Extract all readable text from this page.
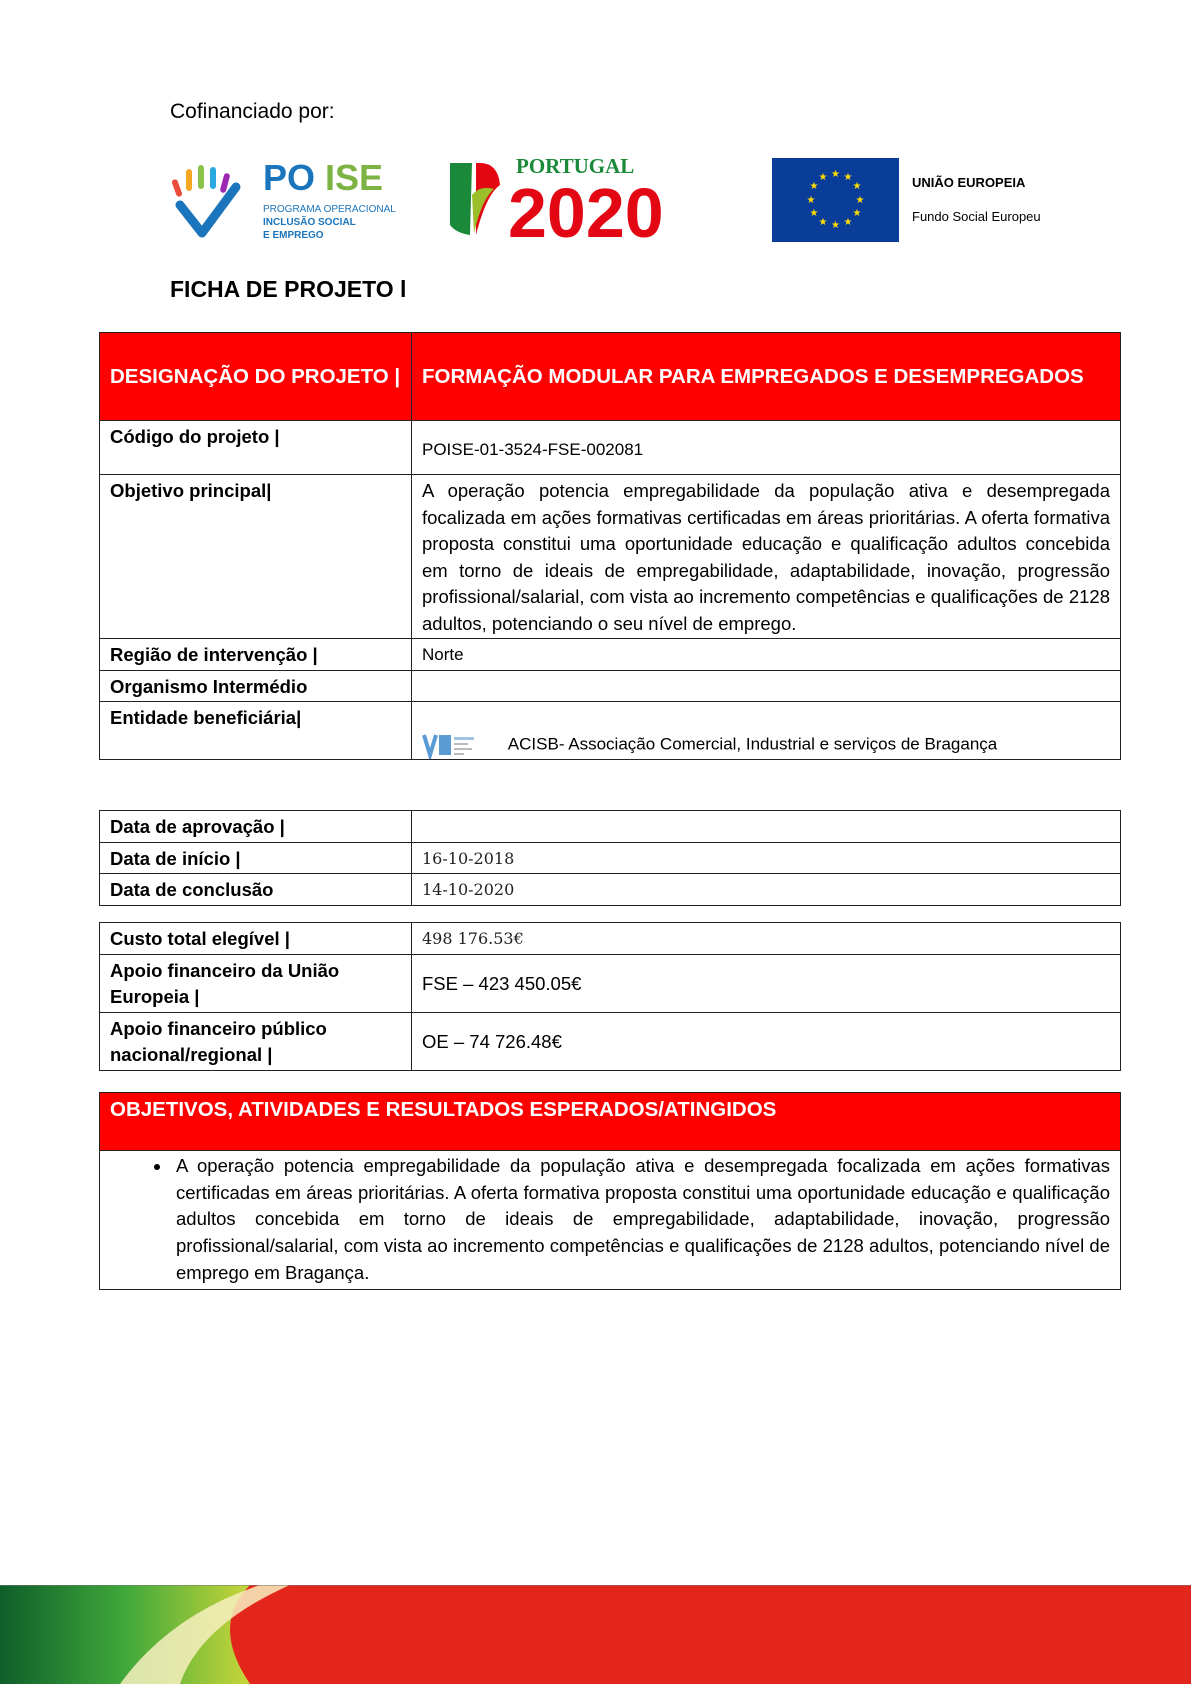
Cofinanciado por:
PO ISE
PROGRAMA OPERACIONAL
INCLUSÃO SOCIAL
E EMPREGO
PORTUGAL
2020	★ ★
★
★
★
★
★
★
★
★
★
★	UNIÃO EUROPEIA
Fundo Social Europeu
FICHA DE PROJETO l
DESIGNAÇÃO DO PROJETO |	FORMAÇÃO MODULAR PARA EMPREGADOS E DESEMPREGADOS
Código do projeto |	POISE-01-3524-FSE-002081
Objetivo principal|	A operação potencia empregabilidade da população ativa e desempregada focalizada em ações formativas certificadas em áreas prioritárias. A oferta formativa proposta constitui uma oportunidade educação e qualificação adultos concebida em torno de ideais de empregabilidade, adaptabilidade, inovação, progressão profissional/salarial, com vista ao incremento competências e qualificações de 2128 adultos, potenciando o seu nível de emprego.
Região de intervenção |	Norte
Organismo Intermédio	
Entidade beneficiária|	ACISB- Associação Comercial, Industrial e serviços de Bragança
Data de aprovação |	
Data de início |	16-10-2018
Data de conclusão	14-10-2020
Custo total elegível |	498 176.53€
Apoio financeiro da União Europeia |	FSE – 423 450.05€
Apoio financeiro público nacional/regional |	OE – 74 726.48€
OBJETIVOS, ATIVIDADES E RESULTADOS ESPERADOS/ATINGIDOS

• A operação potencia empregabilidade da população ativa e desempregada focalizada em ações formativas certificadas em áreas prioritárias. A oferta formativa proposta constitui uma oportunidade educação e qualificação adultos concebida em torno de ideais de empregabilidade, adaptabilidade, inovação, progressão profissional/salarial, com vista ao incremento competências e qualificações de 2128 adultos, potenciando nível de emprego em Bragança.
